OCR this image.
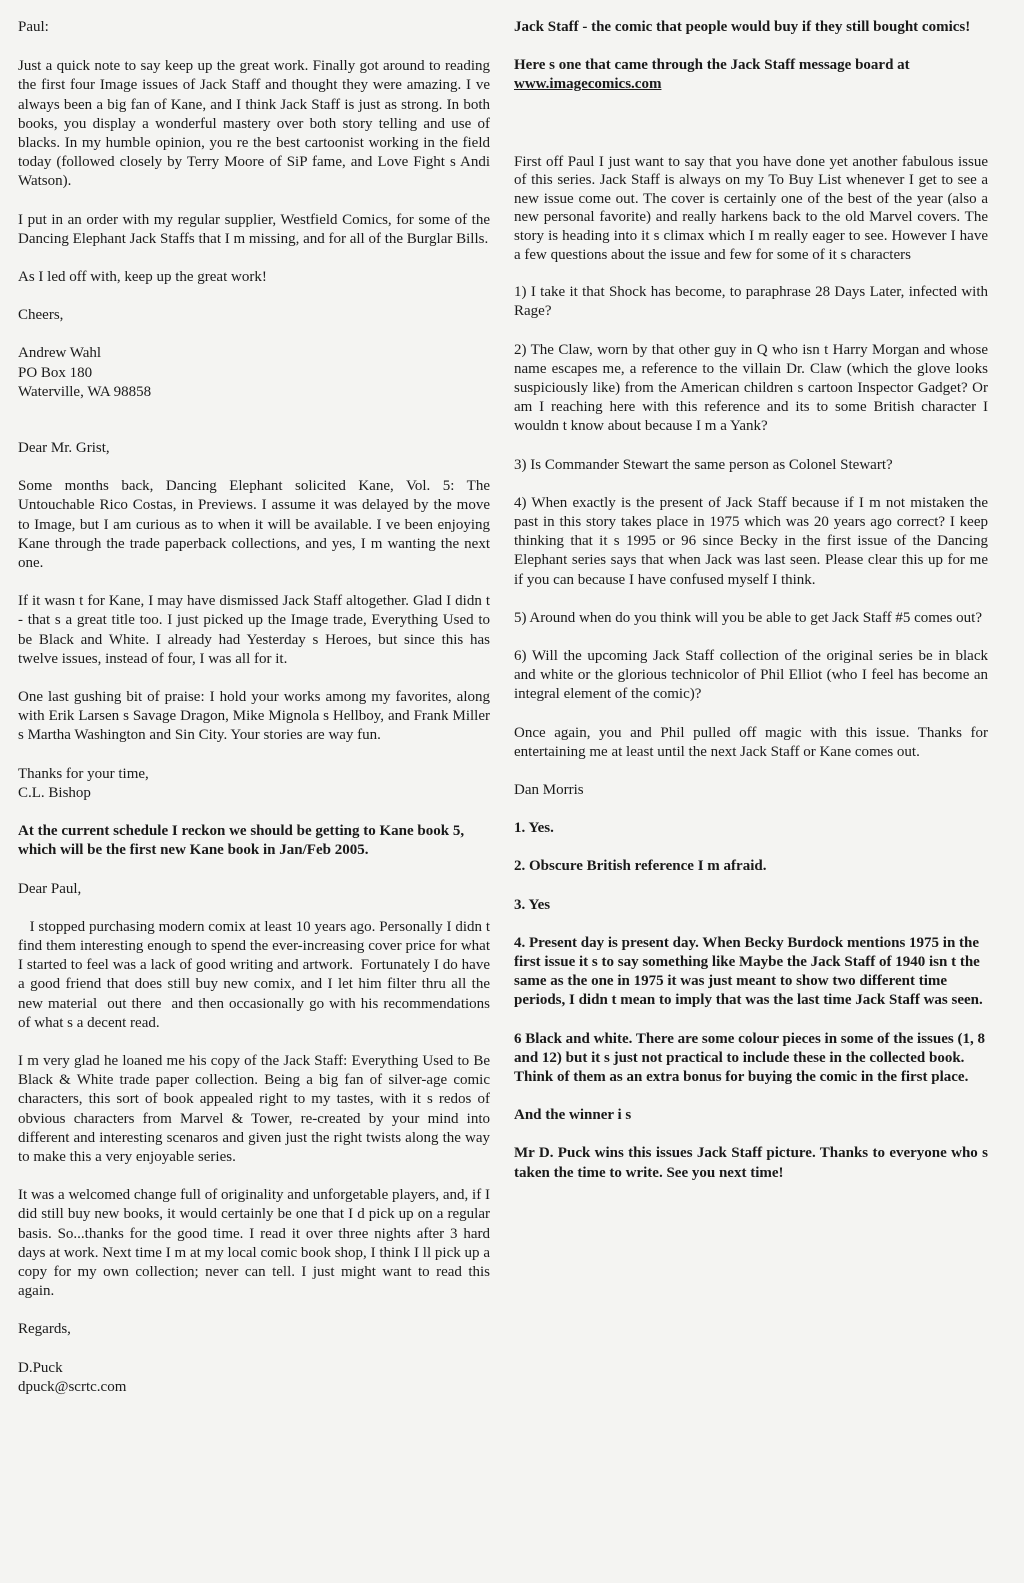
Paul:

Just a quick note to say keep up the great work. Finally got around to reading the first four Image issues of Jack Staff and thought they were amazing. I ve always been a big fan of Kane, and I think Jack Staff is just as strong. In both books, you display a wonderful mastery over both story telling and use of blacks. In my humble opinion, you re the best cartoonist working in the field today (followed closely by Terry Moore of SiP fame, and Love Fight s Andi Watson).

I put in an order with my regular supplier, Westfield Comics, for some of the Dancing Elephant Jack Staffs that I m missing, and for all of the Burglar Bills.

As I led off with, keep up the great work!

Cheers,

Andrew Wahl

PO Box 180

Waterville, WA 98858

Dear Mr. Grist,

Some months back, Dancing Elephant solicited Kane, Vol. 5: The Untouchable Rico Costas, in Previews. I assume it was delayed by the move to Image, but I am curious as to when it will be available. I ve been enjoying Kane through the trade paperback collections, and yes, I m wanting the next one.

If it wasn t for Kane, I may have dismissed Jack Staff altogether. Glad I didn t - that s a great title too. I just picked up the Image trade, Everything Used to be Black and White. I already had Yesterday s Heroes, but since this has twelve issues, instead of four, I was all for it.

One last gushing bit of praise: I hold your works among my favorites, along with Erik Larsen s Savage Dragon, Mike Mignola s Hellboy, and Frank Miller s Martha Washington and Sin City. Your stories are way fun.

Thanks for your time,

C.L. Bishop

At the current schedule I reckon we should be getting to Kane book 5, which will be the first new Kane book in Jan/Feb 2005.

Dear Paul,

I stopped purchasing modern comix at least 10 years ago. Personally I didn t find them interesting enough to spend the ever-increasing cover price for what I started to feel was a lack of good writing and artwork.  Fortunately I do have a good friend that does still buy new comix, and I let him filter thru all the new material  out there  and then occasionally go with his recommendations of what s a decent read.

I m very glad he loaned me his copy of the Jack Staff: Everything Used to Be Black & White trade paper collection. Being a big fan of silver-age comic characters, this sort of book appealed right to my tastes, with it s redos of obvious characters from Marvel & Tower, re-created by your mind into different and interesting scenaros and given just the right twists along the way to make this a very enjoyable series.

It was a welcomed change full of originality and unforgetable players, and, if I did still buy new books, it would certainly be one that I d pick up on a regular basis. So...thanks for the good time. I read it over three nights after 3 hard days at work. Next time I m at my local comic book shop, I think I ll pick up a copy for my own collection; never can tell. I just might want to read this again.

Regards,

D.Puck

dpuck@scrtc.com

Jack Staff - the comic that people would buy if they still bought comics!

Here s one that came through the Jack Staff message board at www.imagecomics.com

First off Paul I just want to say that you have done yet another fabulous issue of this series. Jack Staff is always on my To Buy List whenever I get to see a new issue come out. The cover is certainly one of the best of the year (also a new personal favorite) and really harkens back to the old Marvel covers. The story is heading into it s climax which I m really eager to see. However I have a few questions about the issue and few for some of it s characters

1) I take it that Shock has become, to paraphrase 28 Days Later, infected with Rage?

2) The Claw, worn by that other guy in Q who isn t Harry Morgan and whose name escapes me, a reference to the villain Dr. Claw (which the glove looks suspiciously like) from the American children s cartoon Inspector Gadget? Or am I reaching here with this reference and its to some British character I wouldn t know about because I m a Yank?

3) Is Commander Stewart the same person as Colonel Stewart?

4) When exactly is the present of Jack Staff because if I m not mistaken the past in this story takes place in 1975 which was 20 years ago correct? I keep thinking that it s 1995 or 96 since Becky in the first issue of the Dancing Elephant series says that when Jack was last seen. Please clear this up for me if you can because I have confused myself I think.

5) Around when do you think will you be able to get Jack Staff #5 comes out?

6) Will the upcoming Jack Staff collection of the original series be in black and white or the glorious technicolor of Phil Elliot (who I feel has become an integral element of the comic)?

Once again, you and Phil pulled off magic with this issue. Thanks for entertaining me at least until the next Jack Staff or Kane comes out.

Dan Morris

1. Yes.

2. Obscure British reference I m afraid.

3. Yes

4. Present day is present day. When Becky Burdock mentions 1975 in the first issue it s to say something like Maybe the Jack Staff of 1940 isn t the same as the one in 1975 it was just meant to show two different time periods, I didn t mean to imply that was the last time Jack Staff was seen.

6 Black and white. There are some colour pieces in some of the issues (1, 8 and 12) but it s just not practical to include these in the collected book. Think of them as an extra bonus for buying the comic in the first place.

And the winner i s

Mr D. Puck wins this issues Jack Staff picture. Thanks to everyone who s taken the time to write. See you next time!
